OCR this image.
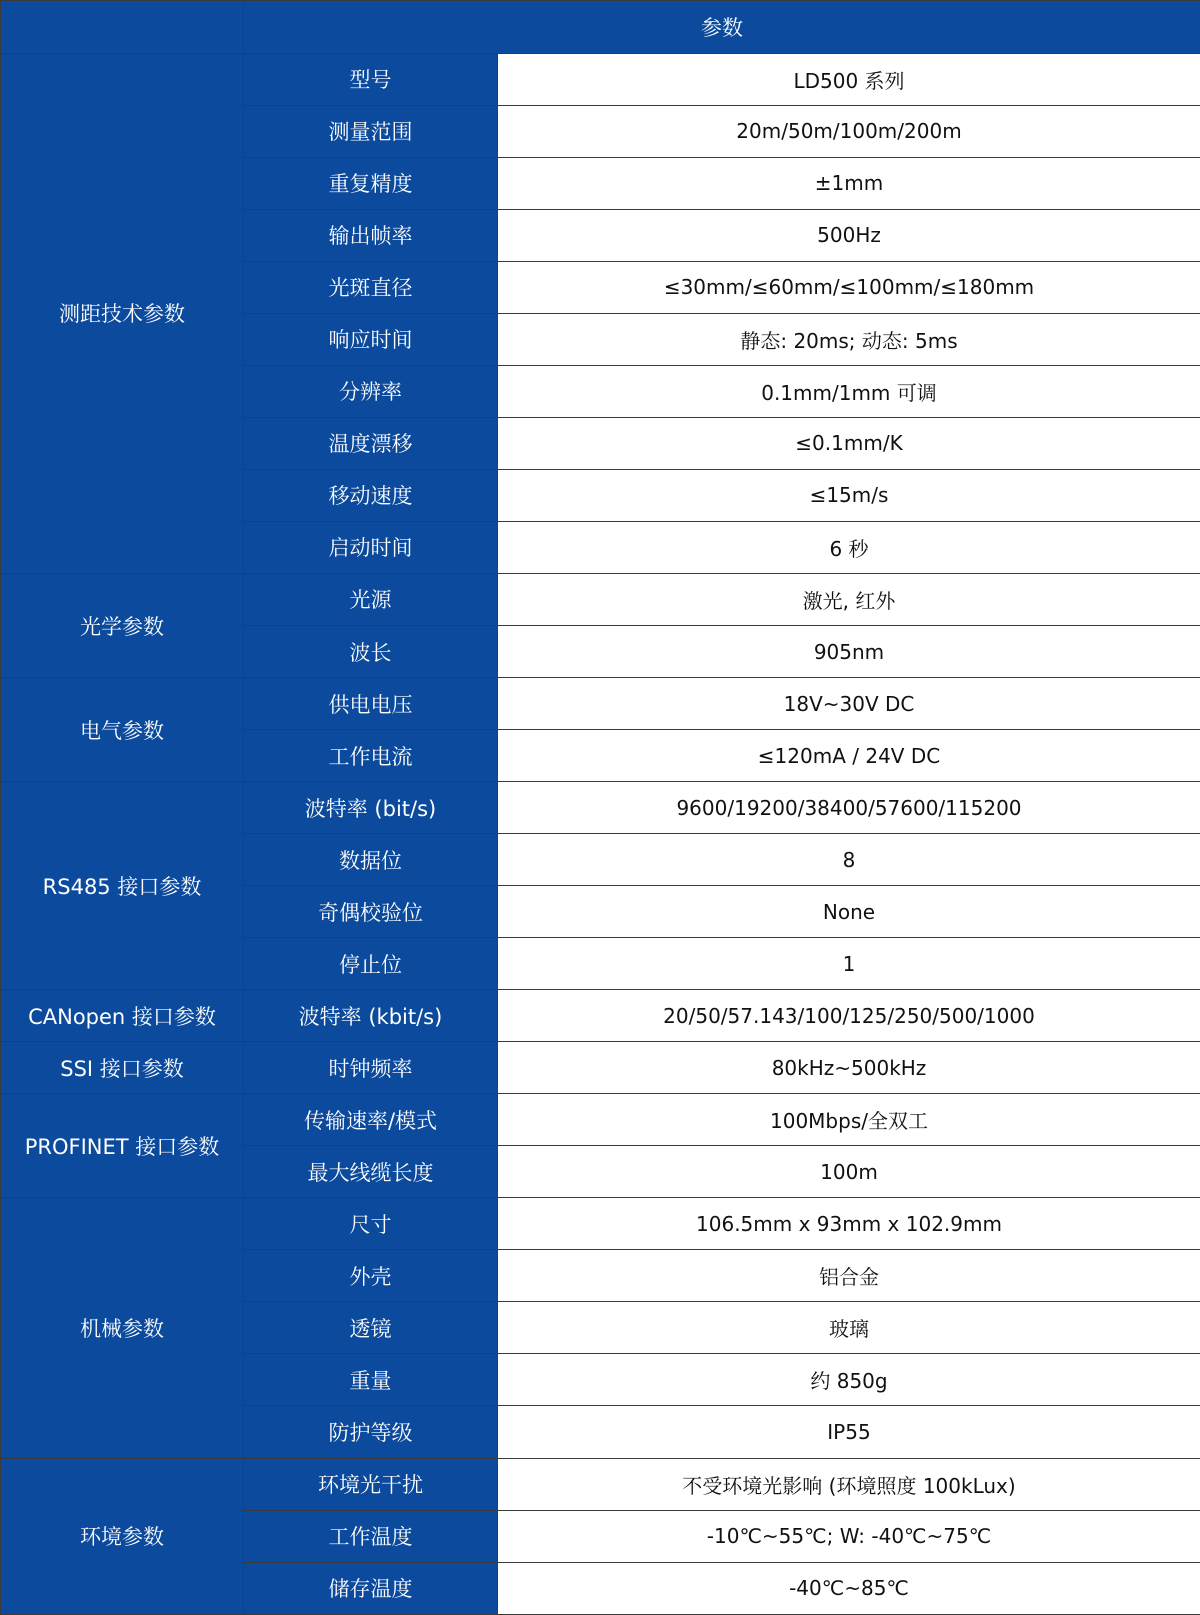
	参数	
测距技术参数	型号	LD500 系列
	测量范围	20m/50m/100m/200m
	重复精度	±1mm
	输出帧率	500Hz
	光斑直径	≤30mm/≤60mm/≤100mm/≤180mm
	响应时间	静态: 20ms; 动态: 5ms
	分辨率	0.1mm/1mm 可调
	温度漂移	≤0.1mm/K
	移动速度	≤15m/s
	启动时间	6 秒
光学参数	光源	激光, 红外
	波长	905nm
电气参数	供电电压	18V~30V DC
	工作电流	≤120mA / 24V DC
RS485 接口参数	波特率 (bit/s)	9600/19200/38400/57600/115200
	数据位	8
	奇偶校验位	None
	停止位	1
CANopen 接口参数	波特率 (kbit/s)	20/50/57.143/100/125/250/500/1000
SSI 接口参数	时钟频率	80kHz~500kHz
PROFINET 接口参数	传输速率/模式	100Mbps/全双工
	最大线缆长度	100m
机械参数	尺寸	106.5mm x 93mm x 102.9mm
	外壳	铝合金
	透镜	玻璃
	重量	约 850g
	防护等级	IP55
环境参数	环境光干扰	不受环境光影响 (环境照度 100kLux)
	工作温度	-10℃~55℃; W: -40℃~75℃
	储存温度	-40℃~85℃
